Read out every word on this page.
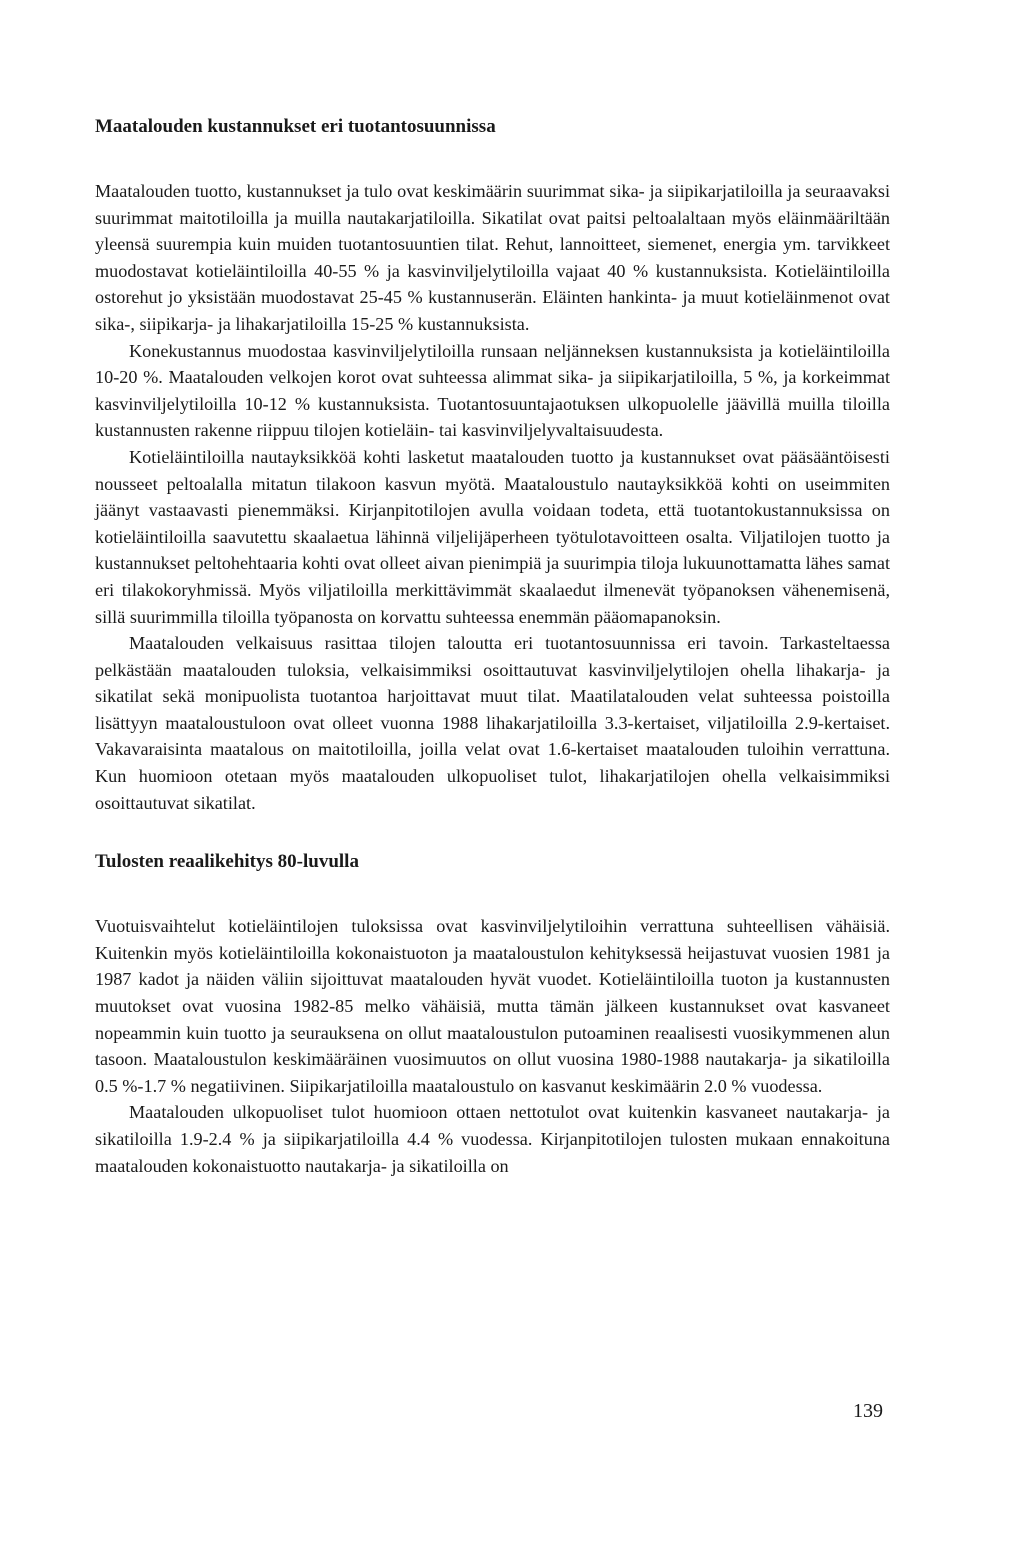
Maatalouden kustannukset eri tuotantosuunnissa

Maatalouden tuotto, kustannukset ja tulo ovat keskimäärin suurimmat sika- ja siipikarjatiloilla ja seuraavaksi suurimmat maitotiloilla ja muilla nautakarjatiloilla. Sikatilat ovat paitsi peltoalaltaan myös eläinmääriltään yleensä suurempia kuin muiden tuotantosuuntien tilat. Rehut, lannoitteet, siemenet, energia ym. tarvikkeet muodostavat kotieläintiloilla 40-55 % ja kasvinviljelytiloilla vajaat 40 % kustannuksista. Kotieläintiloilla ostorehut jo yksistään muodostavat 25-45 % kustannuserän. Eläinten hankinta- ja muut kotieläinmenot ovat sika-, siipikarja- ja lihakarjatiloilla 15-25 % kustannuksista.

Konekustannus muodostaa kasvinviljelytiloilla runsaan neljänneksen kustannuksista ja kotieläintiloilla 10-20 %. Maatalouden velkojen korot ovat suhteessa alimmat sika- ja siipikarjatiloilla, 5 %, ja korkeimmat kasvinviljelytiloilla 10-12 % kustannuksista. Tuotantosuuntajaotuksen ulkopuolelle jäävillä muilla tiloilla kustannusten rakenne riippuu tilojen kotieläin- tai kasvinviljelyvaltaisuudesta.

Kotieläintiloilla nautayksikköä kohti lasketut maatalouden tuotto ja kustannukset ovat pääsääntöisesti nousseet peltoalalla mitatun tilakoon kasvun myötä. Maataloustulo nautayksikköä kohti on useimmiten jäänyt vastaavasti pienemmäksi. Kirjanpitotilojen avulla voidaan todeta, että tuotantokustannuksissa on kotieläintiloilla saavutettu skaalaetua lähinnä viljelijäperheen työtulotavoitteen osalta. Viljatilojen tuotto ja kustannukset peltohehtaaria kohti ovat olleet aivan pienimpiä ja suurimpia tiloja lukuunottamatta lähes samat eri tilakokoryhmissä. Myös viljatiloilla merkittävimmät skaalaedut ilmenevät työpanoksen vähenemisenä, sillä suurimmilla tiloilla työpanosta on korvattu suhteessa enemmän pääomapanoksin.

Maatalouden velkaisuus rasittaa tilojen taloutta eri tuotantosuunnissa eri tavoin. Tarkasteltaessa pelkästään maatalouden tuloksia, velkaisimmiksi osoittautuvat kasvinviljelytilojen ohella lihakarja- ja sikatilat sekä monipuolista tuotantoa harjoittavat muut tilat. Maatilatalouden velat suhteessa poistoilla lisättyyn maataloustuloon ovat olleet vuonna 1988 lihakarjatiloilla 3.3-kertaiset, viljatiloilla 2.9-kertaiset. Vakavaraisinta maatalous on maitotiloilla, joilla velat ovat 1.6-kertaiset maatalouden tuloihin verrattuna. Kun huomioon otetaan myös maatalouden ulkopuoliset tulot, lihakarjatilojen ohella velkaisimmiksi osoittautuvat sikatilat.

Tulosten reaalikehitys 80-luvulla

Vuotuisvaihtelut kotieläintilojen tuloksissa ovat kasvinviljelytiloihin verrattuna suhteellisen vähäisiä. Kuitenkin myös kotieläintiloilla kokonaistuoton ja maataloustulon kehityksessä heijastuvat vuosien 1981 ja 1987 kadot ja näiden väliin sijoittuvat maatalouden hyvät vuodet. Kotieläintiloilla tuoton ja kustannusten muutokset ovat vuosina 1982-85 melko vähäisiä, mutta tämän jälkeen kustannukset ovat kasvaneet nopeammin kuin tuotto ja seurauksena on ollut maataloustulon putoaminen reaalisesti vuosikymmenen alun tasoon. Maataloustulon keskimääräinen vuosimuutos on ollut vuosina 1980-1988 nautakarja- ja sikatiloilla 0.5 %-1.7 % negatiivinen. Siipikarjatiloilla maataloustulo on kasvanut keskimäärin 2.0 % vuodessa.

Maatalouden ulkopuoliset tulot huomioon ottaen nettotulot ovat kuitenkin kasvaneet nautakarja- ja sikatiloilla 1.9-2.4 % ja siipikarjatiloilla 4.4 % vuodessa. Kirjanpitotilojen tulosten mukaan ennakoituna maatalouden kokonaistuotto nautakarja- ja sikatiloilla on

139
